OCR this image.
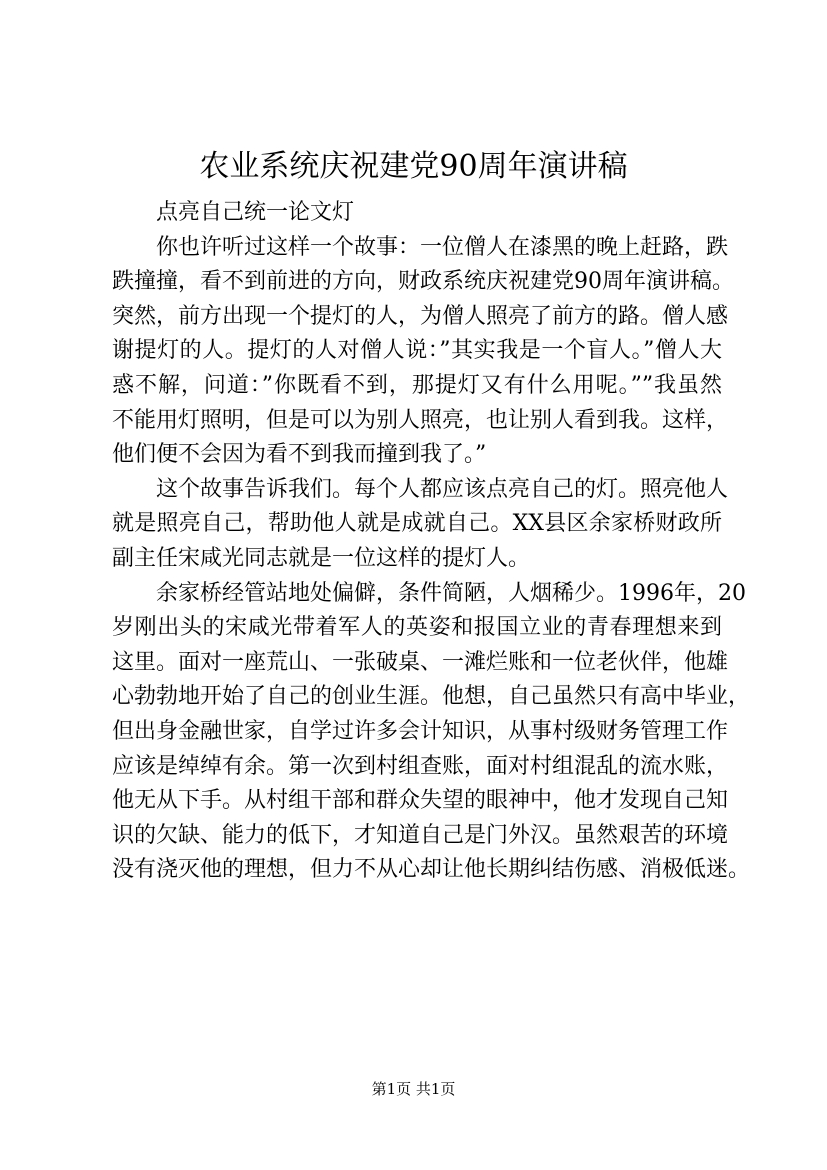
农业系统庆祝建党90周年演讲稿
点亮自己统一论文灯
你也许听过这样一个故事：一位僧人在漆黑的晚上赶路，跌
跌撞撞，看不到前进的方向，财政系统庆祝建党90周年演讲稿。
突然，前方出现一个提灯的人，为僧人照亮了前方的路。僧人感
谢提灯的人。提灯的人对僧人说：”其实我是一个盲人。”僧人大
惑不解，问道：”你既看不到，那提灯又有什么用呢。””我虽然
不能用灯照明，但是可以为别人照亮，也让别人看到我。这样，
他们便不会因为看不到我而撞到我了。”
这个故事告诉我们。每个人都应该点亮自己的灯。照亮他人
就是照亮自己，帮助他人就是成就自己。XX县区余家桥财政所
副主任宋咸光同志就是一位这样的提灯人。
余家桥经管站地处偏僻，条件简陋，人烟稀少。1996年，20
岁刚出头的宋咸光带着军人的英姿和报国立业的青春理想来到
这里。面对一座荒山、一张破桌、一滩烂账和一位老伙伴，他雄
心勃勃地开始了自己的创业生涯。他想，自己虽然只有高中毕业，
但出身金融世家，自学过许多会计知识，从事村级财务管理工作
应该是绰绰有余。第一次到村组查账，面对村组混乱的流水账，
他无从下手。从村组干部和群众失望的眼神中，他才发现自己知
识的欠缺、能力的低下，才知道自己是门外汉。虽然艰苦的环境
没有浇灭他的理想，但力不从心却让他长期纠结伤感、消极低迷。
第1页 共1页
